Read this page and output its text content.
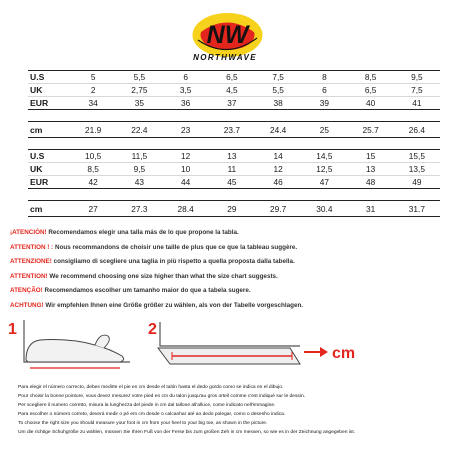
NW
NORTHWAVE
U.S	5	5,5	6	6,5	7,5	8	8,5	9,5
UK	2	2,75	3,5	4,5	5,5	6	6,5	7,5
EUR	34	35	36	37	38	39	40	41
cm	21.9	22.4	23	23.7	24.4	25	25.7	26.4
U.S	10,5	11,5	12	13	14	14,5	15	15,5
UK	8,5	9,5	10	11	12	12,5	13	13,5
EUR	42	43	44	45	46	47	48	49
cm	27	27.3	28.4	29	29.7	30.4	31	31.7
¡ATENCIÓN! Recomendamos elegir una talla más de lo que propone la tabla.
ATTENTION ! : Nous recommandons de choisir une taille de plus que ce que la tableau suggère.
ATTENZIONE! consigliamo di scegliere una taglia in più rispetto a quella proposta dalla tabella.
ATTENTION! We recommend choosing one size higher than what the size chart suggests.
ATENÇÃO! Recomendamos escolher um tamanho maior do que a tabela sugere.
ACHTUNG! Wir empfehlen Ihnen eine Größe größer zu wählen, als von der Tabelle vorgeschlagen.
1	2
cm
Para elegir el número correcto, debes medirte el pie en cm desde el talón hasta el dedo gordo como se indica en el dibujo.
Pour choisir la bonne pointure, vous devez mesurez votre pied en cm du talon jusqu'au gros orteil comme c'est indiqué sur le dessin.
Per scegliere il numero corretto, misura la lunghezza del piede in cm dal tallone all'alluce, come indicato nell'immagine.
Para escolher o número correto, deverá medir o pé em cm desde o calcanhar até ao dedo polegar, como o desenho indica.
To choose the right size you should measure your foot in cm from your heel to your big toe, as shown in the picture.
Um die richtige Schuhgröße zu wählen, müssen Sie Ihren Fuß von der Ferse bis zum großen Zeh in cm messen, so wie es in der Zeichnung angegeben ist.
